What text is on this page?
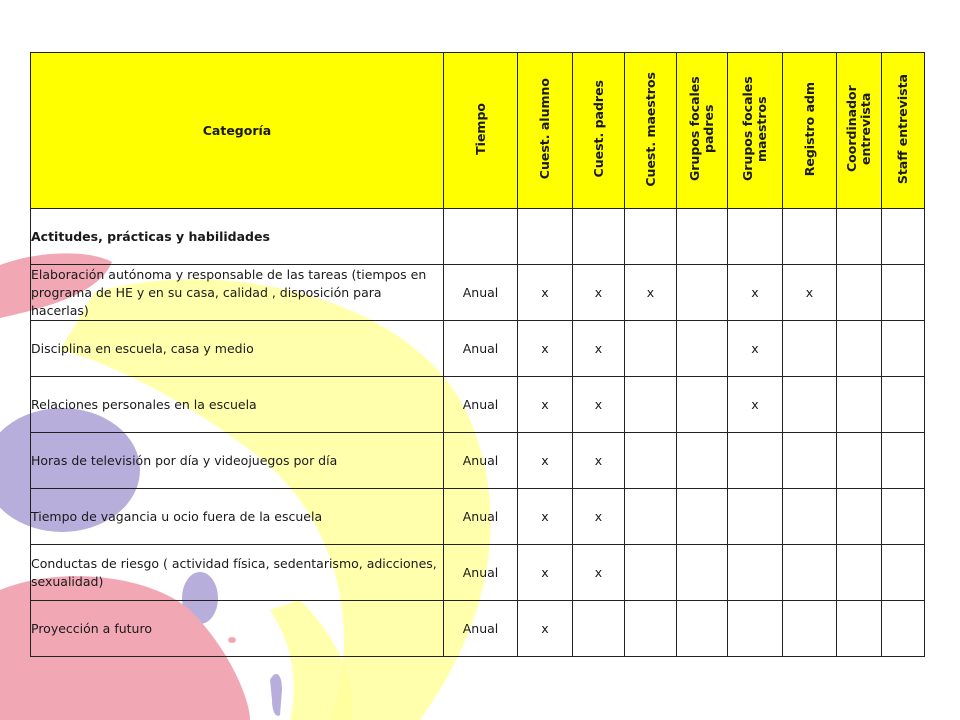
Categoría	Tiempo	Cuest. alumno	Cuest. padres	Cuest. maestros	Grupos focales padres	Grupos focales maestros	Registro adm	Coordinador entrevista	Staff entrevista
Actitudes, prácticas y habilidades									
Elaboración autónoma y responsable de las tareas (tiempos en programa de HE y en su casa, calidad , disposición para hacerlas)	Anual	x	x	x		x	x		
Disciplina en escuela, casa y medio	Anual	x	x			x			
Relaciones personales en la escuela	Anual	x	x			x			
Horas de televisión por día y videojuegos por día	Anual	x	x						
Tiempo de vagancia u ocio fuera de la escuela	Anual	x	x						
Conductas de riesgo ( actividad física, sedentarismo, adicciones, sexualidad)	Anual	x	x						
Proyección a futuro	Anual	x							
